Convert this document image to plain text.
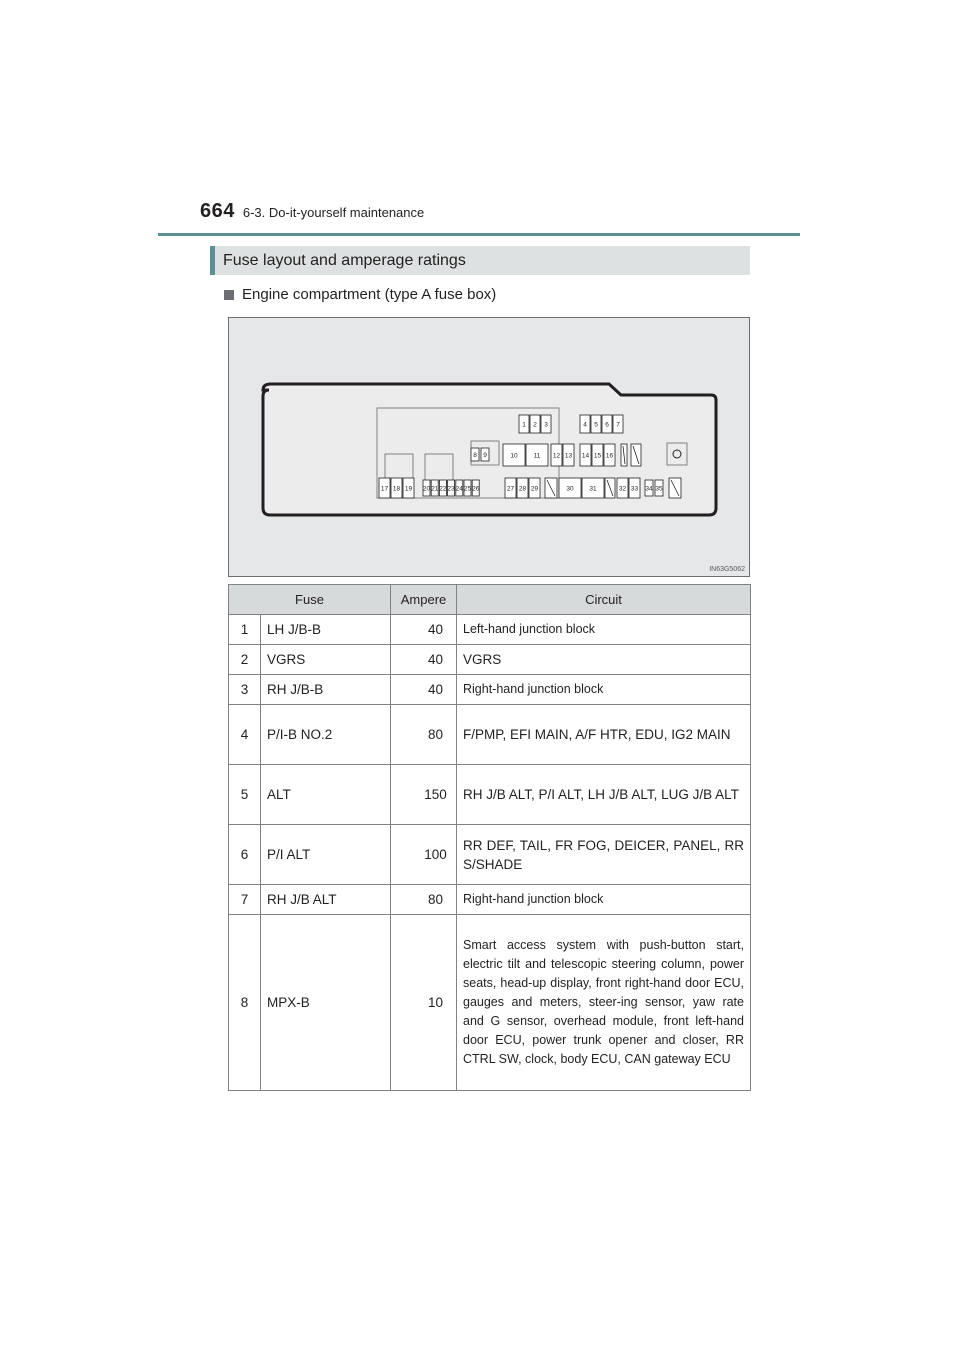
664 6-3. Do-it-yourself maintenance
Fuse layout and amperage ratings
Engine compartment (type A fuse box)
1 2 3	4 5 6 7
8 9	10 11 12 13 14 15 16
17 18 19 20 21 22 23 24 25 26	27 28 29	30 31	32 33 34 35
IN63G5062
Fuse		Ampere	Circuit
1	LH J/B-B	40	Left-hand junction block
2	VGRS	40	VGRS
3	RH J/B-B	40	Right-hand junction block
4	P/I-B NO.2	80	F/PMP, EFI MAIN, A/F HTR, EDU, IG2 MAIN
5	ALT	150	RH J/B ALT, P/I ALT, LH J/B ALT, LUG J/B ALT
6	P/I ALT	100	RR DEF, TAIL, FR FOG, DEICER, PANEL, RR S/SHADE
7	RH J/B ALT	80	Right-hand junction block
8	MPX-B	10	Smart access system with push-button start, electric tilt and telescopic steering column, power seats, head-up display, front right-hand door ECU, gauges and meters, steer-ing sensor, yaw rate and G sensor, overhead module, front left-hand door ECU, power trunk opener and closer, RR CTRL SW, clock, body ECU, CAN gateway ECU
